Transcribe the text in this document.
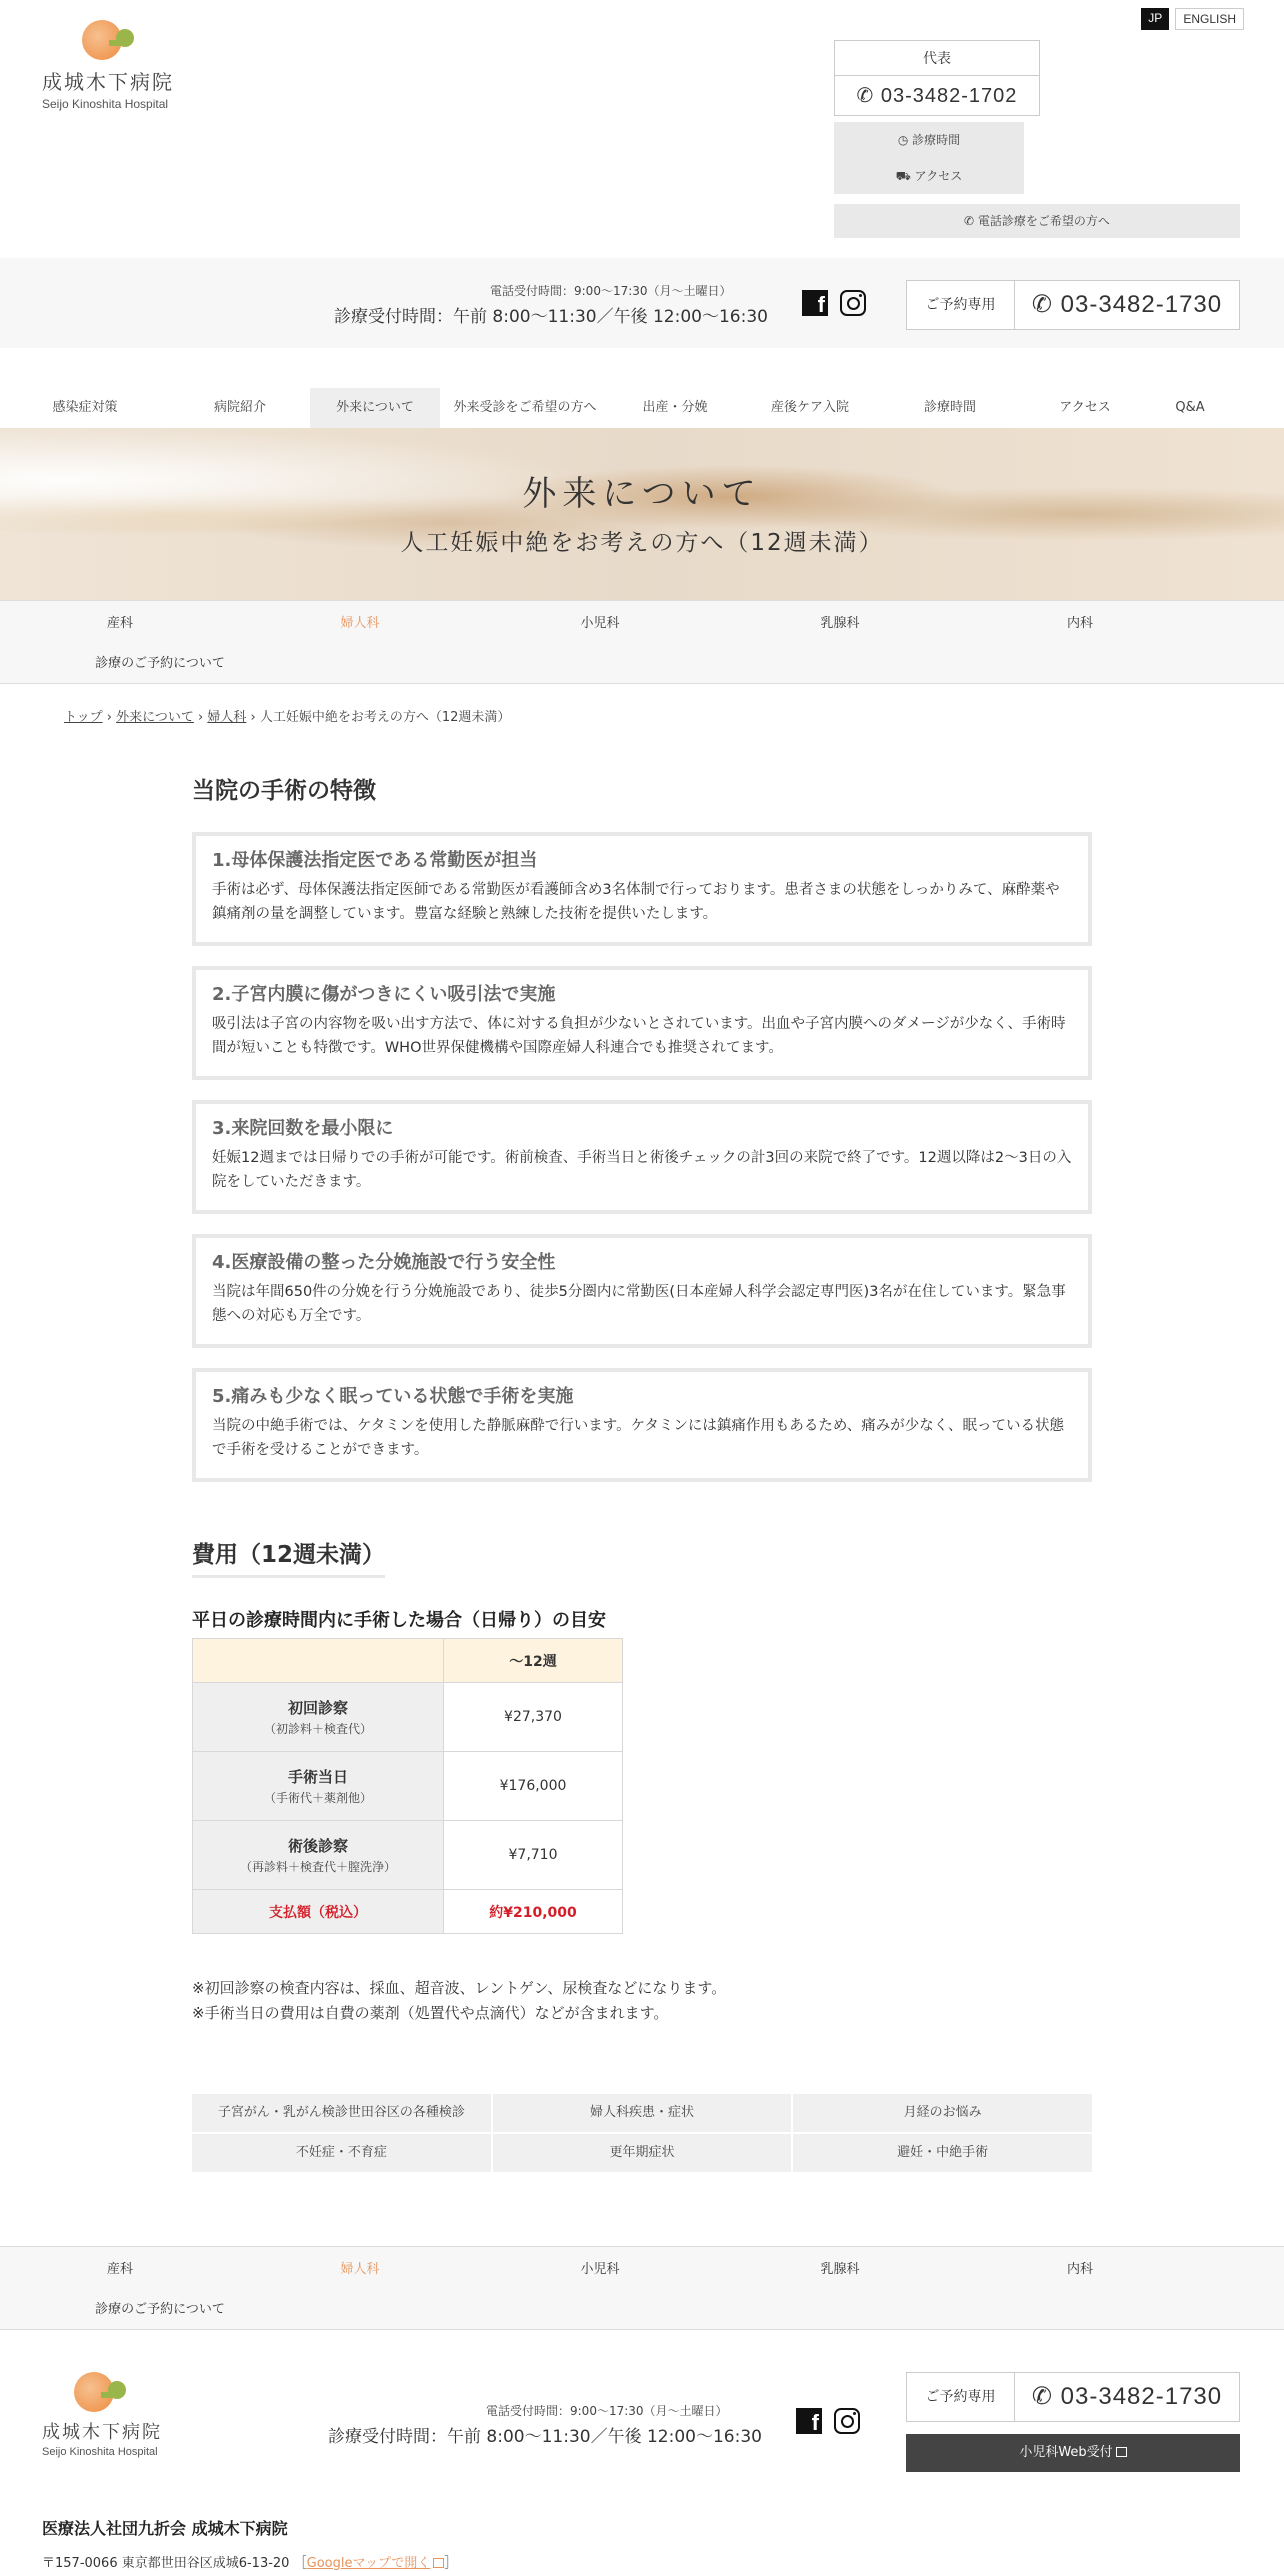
成城木下病院
Seijo Kinoshita Hospital
JP	ENGLISH
代表
✆ 03-3482-1702
◷ 診療時間
⛟ アクセス
✆ 電話診療をご希望の方へ
電話受付時間：9:00～17:30（月～土曜日）
診療受付時間：午前 8:00～11:30／午後 12:00～16:30	f	ご予約専用	✆ 03-3482-1730
感染症対策	病院紹介	外来について	外来受診をご希望の方へ	出産・分娩	産後ケア入院	診療時間	アクセス	Q&A
外来について
人工妊娠中絶をお考えの方へ（12週未満）
産科	婦人科	小児科	乳腺科	内科
診療のご予約について
トップ › 外来について › 婦人科 › 人工妊娠中絶をお考えの方へ（12週未満）
当院の手術の特徴
1.母体保護法指定医である常勤医が担当
手術は必ず、母体保護法指定医師である常勤医が看護師含め3名体制で行っております。患者さまの状態をしっかりみて、麻酔薬や鎮痛剤の量を調整しています。豊富な経験と熟練した技術を提供いたします。
2.子宮内膜に傷がつきにくい吸引法で実施
吸引法は子宮の内容物を吸い出す方法で、体に対する負担が少ないとされています。出血や子宮内膜へのダメージが少なく、手術時間が短いことも特徴です。WHO世界保健機構や国際産婦人科連合でも推奨されてます。
3.来院回数を最小限に
妊娠12週までは日帰りでの手術が可能です。術前検査、手術当日と術後チェックの計3回の来院で終了です。12週以降は2～3日の入院をしていただきます。
4.医療設備の整った分娩施設で行う安全性
当院は年間650件の分娩を行う分娩施設であり、徒歩5分圏内に常勤医(日本産婦人科学会認定専門医)3名が在住しています。緊急事態への対応も万全です。
5.痛みも少なく眠っている状態で手術を実施
当院の中絶手術では、ケタミンを使用した静脈麻酔で行います。ケタミンには鎮痛作用もあるため、痛みが少なく、眠っている状態で手術を受けることができます。
費用（12週未満）
平日の診療時間内に手術した場合（日帰り）の目安
	～12週

初回診察
（初診料＋検査代）	¥27,370

手術当日
（手術代＋薬剤他）	¥176,000

術後診察
（再診料＋検査代＋膣洗浄）	¥7,710
支払額（税込）	約¥210,000
※初回診察の検査内容は、採血、超音波、レントゲン、尿検査などになります。
※手術当日の費用は自費の薬剤（処置代や点滴代）などが含まれます。
子宮がん・乳がん検診世田谷区の各種検診	婦人科疾患・症状	月経のお悩み
不妊症・不育症	更年期症状	避妊・中絶手術
産科	婦人科	小児科	乳腺科	内科
診療のご予約について
成城木下病院
Seijo Kinoshita Hospital
電話受付時間：9:00～17:30（月～土曜日）
診療受付時間：午前 8:00～11:30／午後 12:00～16:30
f
ご予約専用	✆ 03-3482-1730
小児科Web受付
医療法人社団九折会 成城木下病院
〒157-0066 東京都世田谷区成城6-13-20 ［Googleマップで開く ］
